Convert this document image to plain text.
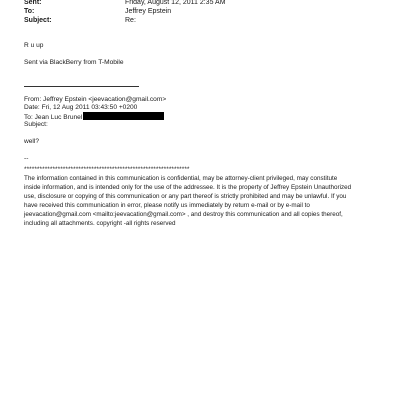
Sent:	Friday, August 12, 2011 2:35 AM
To:	Jeffrey Epstein
Subject:	Re:
R u up
Sent via BlackBerry from T-Mobile
From: Jeffrey Epstein <jeevacation@gmail.com>
Date: Fri, 12 Aug 2011 03:43:50 +0200
To: Jean Luc Brunel
Subject:
well?
--
****************************************************************
The information contained in this communication is confidential, may be attorney-client privileged, may constitute
inside information, and is intended only for the use of the addressee. It is the property of Jeffrey Epstein Unauthorized
use, disclosure or copying of this communication or any part thereof is strictly prohibited and may be unlawful. If you
have received this communication in error, please notify us immediately by return e-mail or by e-mail to
jeevacation@gmail.com <mailto:jeevacation@gmail.com> , and destroy this communication and all copies thereof,
including all attachments. copyright -all rights reserved
